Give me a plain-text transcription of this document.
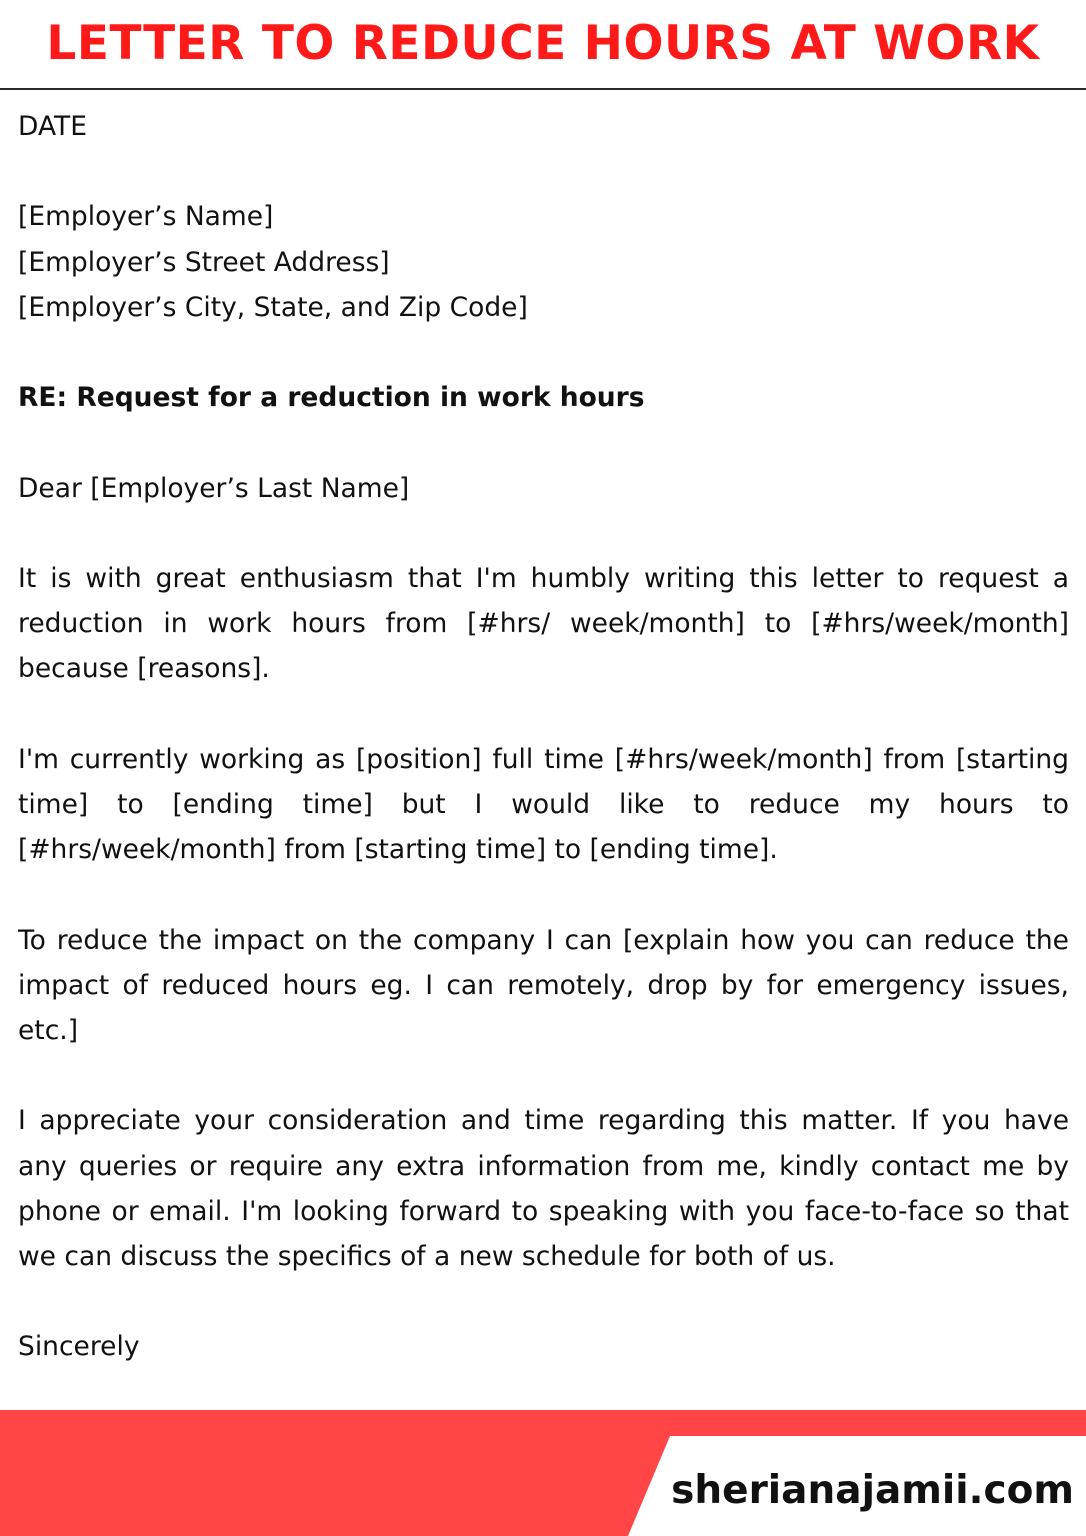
LETTER TO REDUCE HOURS AT WORK

DATE

[Employer’s Name]

[Employer’s Street Address]

[Employer’s City, State, and Zip Code]

RE: Request for a reduction in work hours

Dear [Employer’s Last Name]

It is with great enthusiasm that I'm humbly writing this letter to request a reduction in work hours from [#hrs/ week/month] to [#hrs/week/month] because [reasons].

I'm currently working as [position] full time [#hrs/week/month] from [starting time] to [ending time] but I would like to reduce my hours to [#hrs/week/month] from [starting time] to [ending time].

To reduce the impact on the company I can [explain how you can reduce the impact of reduced hours eg. I can remotely, drop by for emergency issues, etc.]

I appreciate your consideration and time regarding this matter. If you have any queries or require any extra information from me, kindly contact me by phone or email. I'm looking forward to speaking with you face-to-face so that we can discuss the specifics of a new schedule for both of us.

Sincerely

sherianajamii.com
